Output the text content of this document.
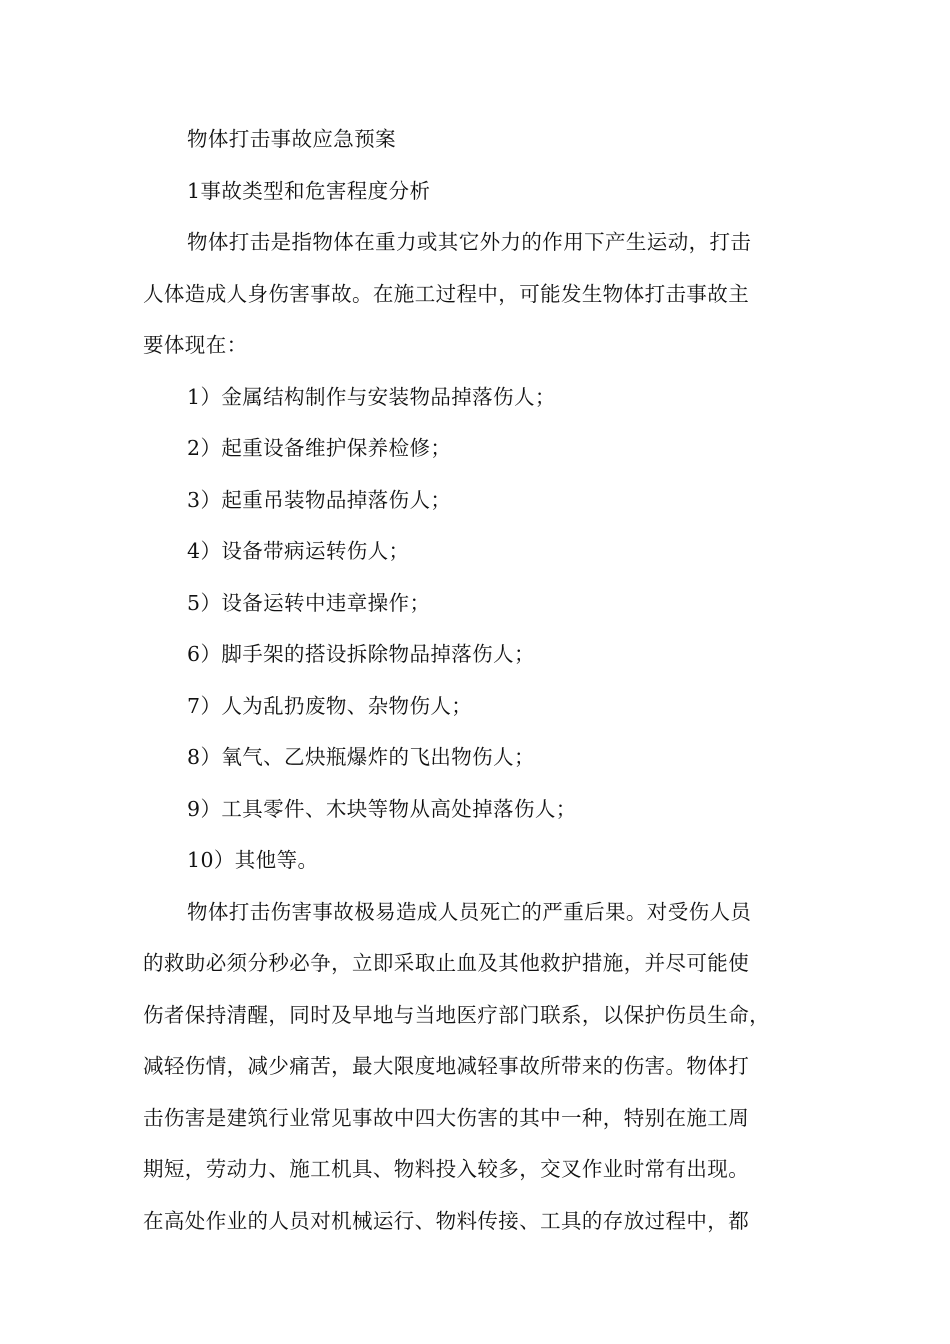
物体打击事故应急预案
1事故类型和危害程度分析
物体打击是指物体在重力或其它外力的作用下产生运动，打击
人体造成人身伤害事故。在施工过程中，可能发生物体打击事故主
要体现在：
1）金属结构制作与安装物品掉落伤人；
2）起重设备维护保养检修；
3）起重吊装物品掉落伤人；
4）设备带病运转伤人；
5）设备运转中违章操作；
6）脚手架的搭设拆除物品掉落伤人；
7）人为乱扔废物、杂物伤人；
8）氧气、乙炔瓶爆炸的飞出物伤人；
9）工具零件、木块等物从高处掉落伤人；
10）其他等。
物体打击伤害事故极易造成人员死亡的严重后果。对受伤人员
的救助必须分秒必争，立即采取止血及其他救护措施，并尽可能使
伤者保持清醒，同时及早地与当地医疗部门联系，以保护伤员生命，
减轻伤情，减少痛苦，最大限度地减轻事故所带来的伤害。物体打
击伤害是建筑行业常见事故中四大伤害的其中一种，特别在施工周
期短，劳动力、施工机具、物料投入较多，交叉作业时常有出现。
在高处作业的人员对机械运行、物料传接、工具的存放过程中，都
